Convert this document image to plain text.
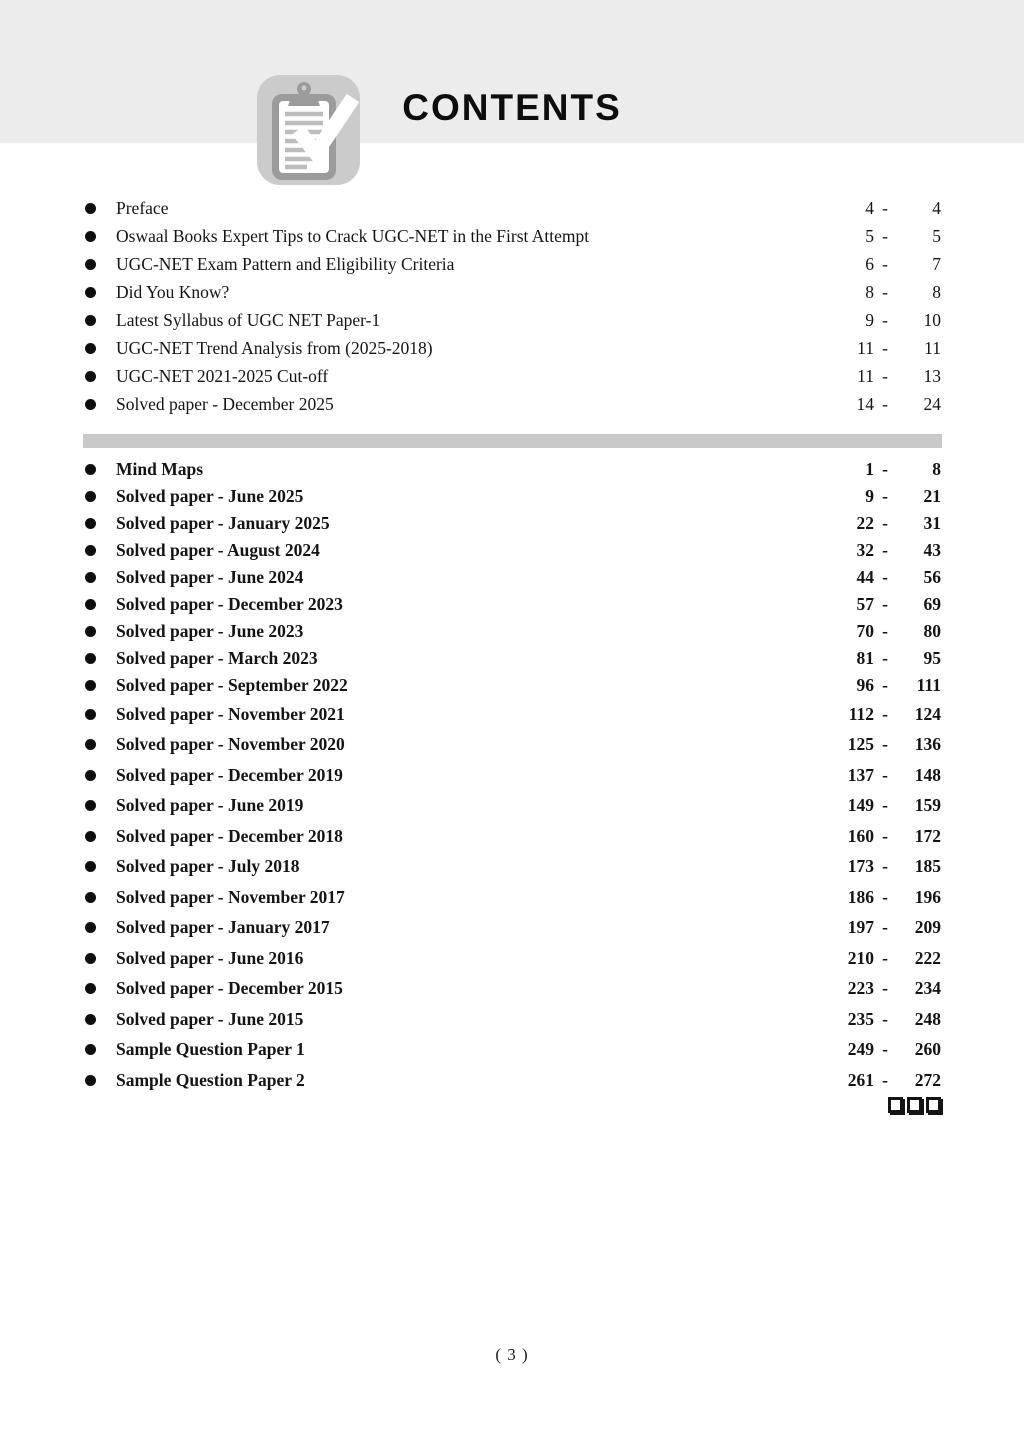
CONTENTS
Preface	4 -	4
Oswaal Books Expert Tips to Crack UGC-NET in the First Attempt	5 -	5
UGC-NET Exam Pattern and Eligibility Criteria	6 -	7
Did You Know?	8 -	8
Latest Syllabus of UGC NET Paper-1	9 -	10
UGC-NET Trend Analysis from (2025-2018)	11 -	11
UGC-NET 2021-2025 Cut-off	11 -	13
Solved paper - December 2025	14 -	24
Mind Maps	1 -	8
Solved paper - June 2025	9 -	21
Solved paper - January 2025	22 -	31
Solved paper - August 2024	32 -	43
Solved paper - June 2024	44 -	56
Solved paper - December 2023	57 -	69
Solved paper - June 2023	70 -	80
Solved paper - March 2023	81 -	95
Solved paper - September 2022	96 -	111
Solved paper - November 2021	112 -	124
Solved paper - November 2020	125 -	136
Solved paper - December 2019	137 -	148
Solved paper - June 2019	149 -	159
Solved paper - December 2018	160 -	172
Solved paper - July 2018	173 -	185
Solved paper - November 2017	186 -	196
Solved paper - January 2017	197 -	209
Solved paper - June 2016	210 -	222
Solved paper - December 2015	223 -	234
Solved paper - June 2015	235 -	248
Sample Question Paper 1	249 -	260
Sample Question Paper 2	261 -	272
( 3 )
